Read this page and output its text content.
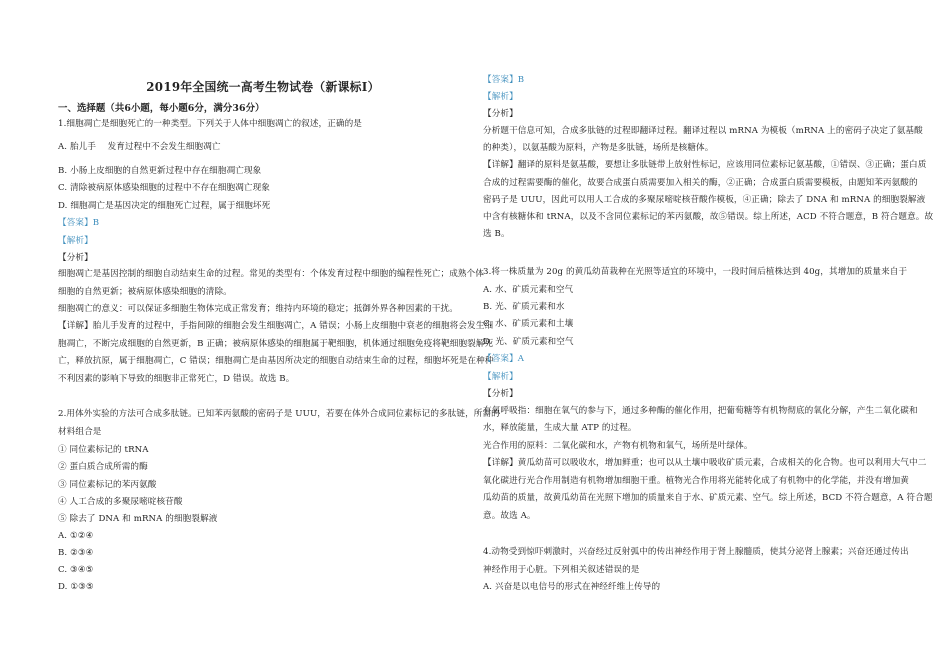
2019年全国统一高考生物试卷（新课标Ⅰ）
一、选择题（共6小题，每小题6分，满分36分）
1.细胞凋亡是细胞死亡的一种类型。下列关于人体中细胞凋亡的叙述，正确的是
A. 胎儿手 　发育过程中不会发生细胞凋亡
B. 小肠上皮细胞的自然更新过程中存在细胞凋亡现象
C. 清除被病原体感染细胞的过程中不存在细胞凋亡现象
D. 细胞凋亡是基因决定的细胞死亡过程，属于细胞坏死
【答案】B
【解析】
【分析】
细胞凋亡是基因控制的细胞自动结束生命的过程。常见的类型有：个体发育过程中细胞的编程性死亡；成熟个体
细胞的自然更新；被病原体感染细胞的清除。
细胞凋亡的意义：可以保证多细胞生物体完成正常发育；维持内环境的稳定；抵御外界各种因素的干扰。
【详解】胎儿手发育的过程中，手指间隙的细胞会发生细胞凋亡，A 错误；小肠上皮细胞中衰老的细胞将会发生细
胞凋亡，不断完成细胞的自然更新，B 正确；被病原体感染的细胞属于靶细胞，机体通过细胞免疫将靶细胞裂解死
亡，释放抗原，属于细胞凋亡，C 错误；细胞凋亡是由基因所决定的细胞自动结束生命的过程，细胞坏死是在种种
不利因素的影响下导致的细胞非正常死亡，D 错误。故选 B。
2.用体外实验的方法可合成多肽链。已知苯丙氨酸的密码子是 UUU，若要在体外合成同位素标记的多肽链，所需的
材料组合是
① 同位素标记的 tRNA
② 蛋白质合成所需的酶
③ 同位素标记的苯丙氨酸
④ 人工合成的多聚尿嘧啶核苷酸
⑤ 除去了 DNA 和 mRNA 的细胞裂解液
A. ①②④
B. ②③④
C. ③④⑤
D. ①③⑤
【答案】B
【解析】
【分析】
分析题干信息可知，合成多肽链的过程即翻译过程。翻译过程以 mRNA 为模板（mRNA 上的密码子决定了氨基酸
的种类），以氨基酸为原料，产物是多肽链，场所是核糖体。
【详解】翻译的原料是氨基酸，要想让多肽链带上放射性标记，应该用同位素标记氨基酸，①错误、③正确；蛋白质
合成的过程需要酶的催化，故要合成蛋白质需要加入相关的酶，②正确；合成蛋白质需要模板，由题知苯丙氨酸的
密码子是 UUU，因此可以用人工合成的多聚尿嘧啶核苷酸作模板，④正确；除去了 DNA 和 mRNA 的细胞裂解液
中含有核糖体和 tRNA，以及不含同位素标记的苯丙氨酸，故⑤错误。综上所述，ACD 不符合题意，B 符合题意。故
选 B。
3.将一株质量为 20g 的黄瓜幼苗栽种在光照等适宜的环境中，一段时间后植株达到 40g，其增加的质量来自于
A. 水、矿质元素和空气
B. 光、矿质元素和水
C. 水、矿质元素和土壤
D. 光、矿质元素和空气
【答案】A
【解析】
【分析】
有氧呼吸指：细胞在氧气的参与下，通过多种酶的催化作用，把葡萄糖等有机物彻底的氧化分解，产生二氧化碳和
水，释放能量，生成大量 ATP 的过程。
光合作用的原料：二氧化碳和水，产物有机物和氧气，场所是叶绿体。
【详解】黄瓜幼苗可以吸收水，增加鲜重；也可以从土壤中吸收矿质元素，合成相关的化合物。也可以利用大气中二
氧化碳进行光合作用制造有机物增加细胞干重。植物光合作用将光能转化成了有机物中的化学能，并没有增加黄
瓜幼苗的质量，故黄瓜幼苗在光照下增加的质量来自于水、矿质元素、空气。综上所述，BCD 不符合题意，A 符合题
意。故选 A。
4.动物受到惊吓刺激时，兴奋经过反射弧中的传出神经作用于肾上腺髓质，使其分泌肾上腺素；兴奋还通过传出
神经作用于心脏。下列相关叙述错误的是
A. 兴奋是以电信号的形式在神经纤维上传导的
